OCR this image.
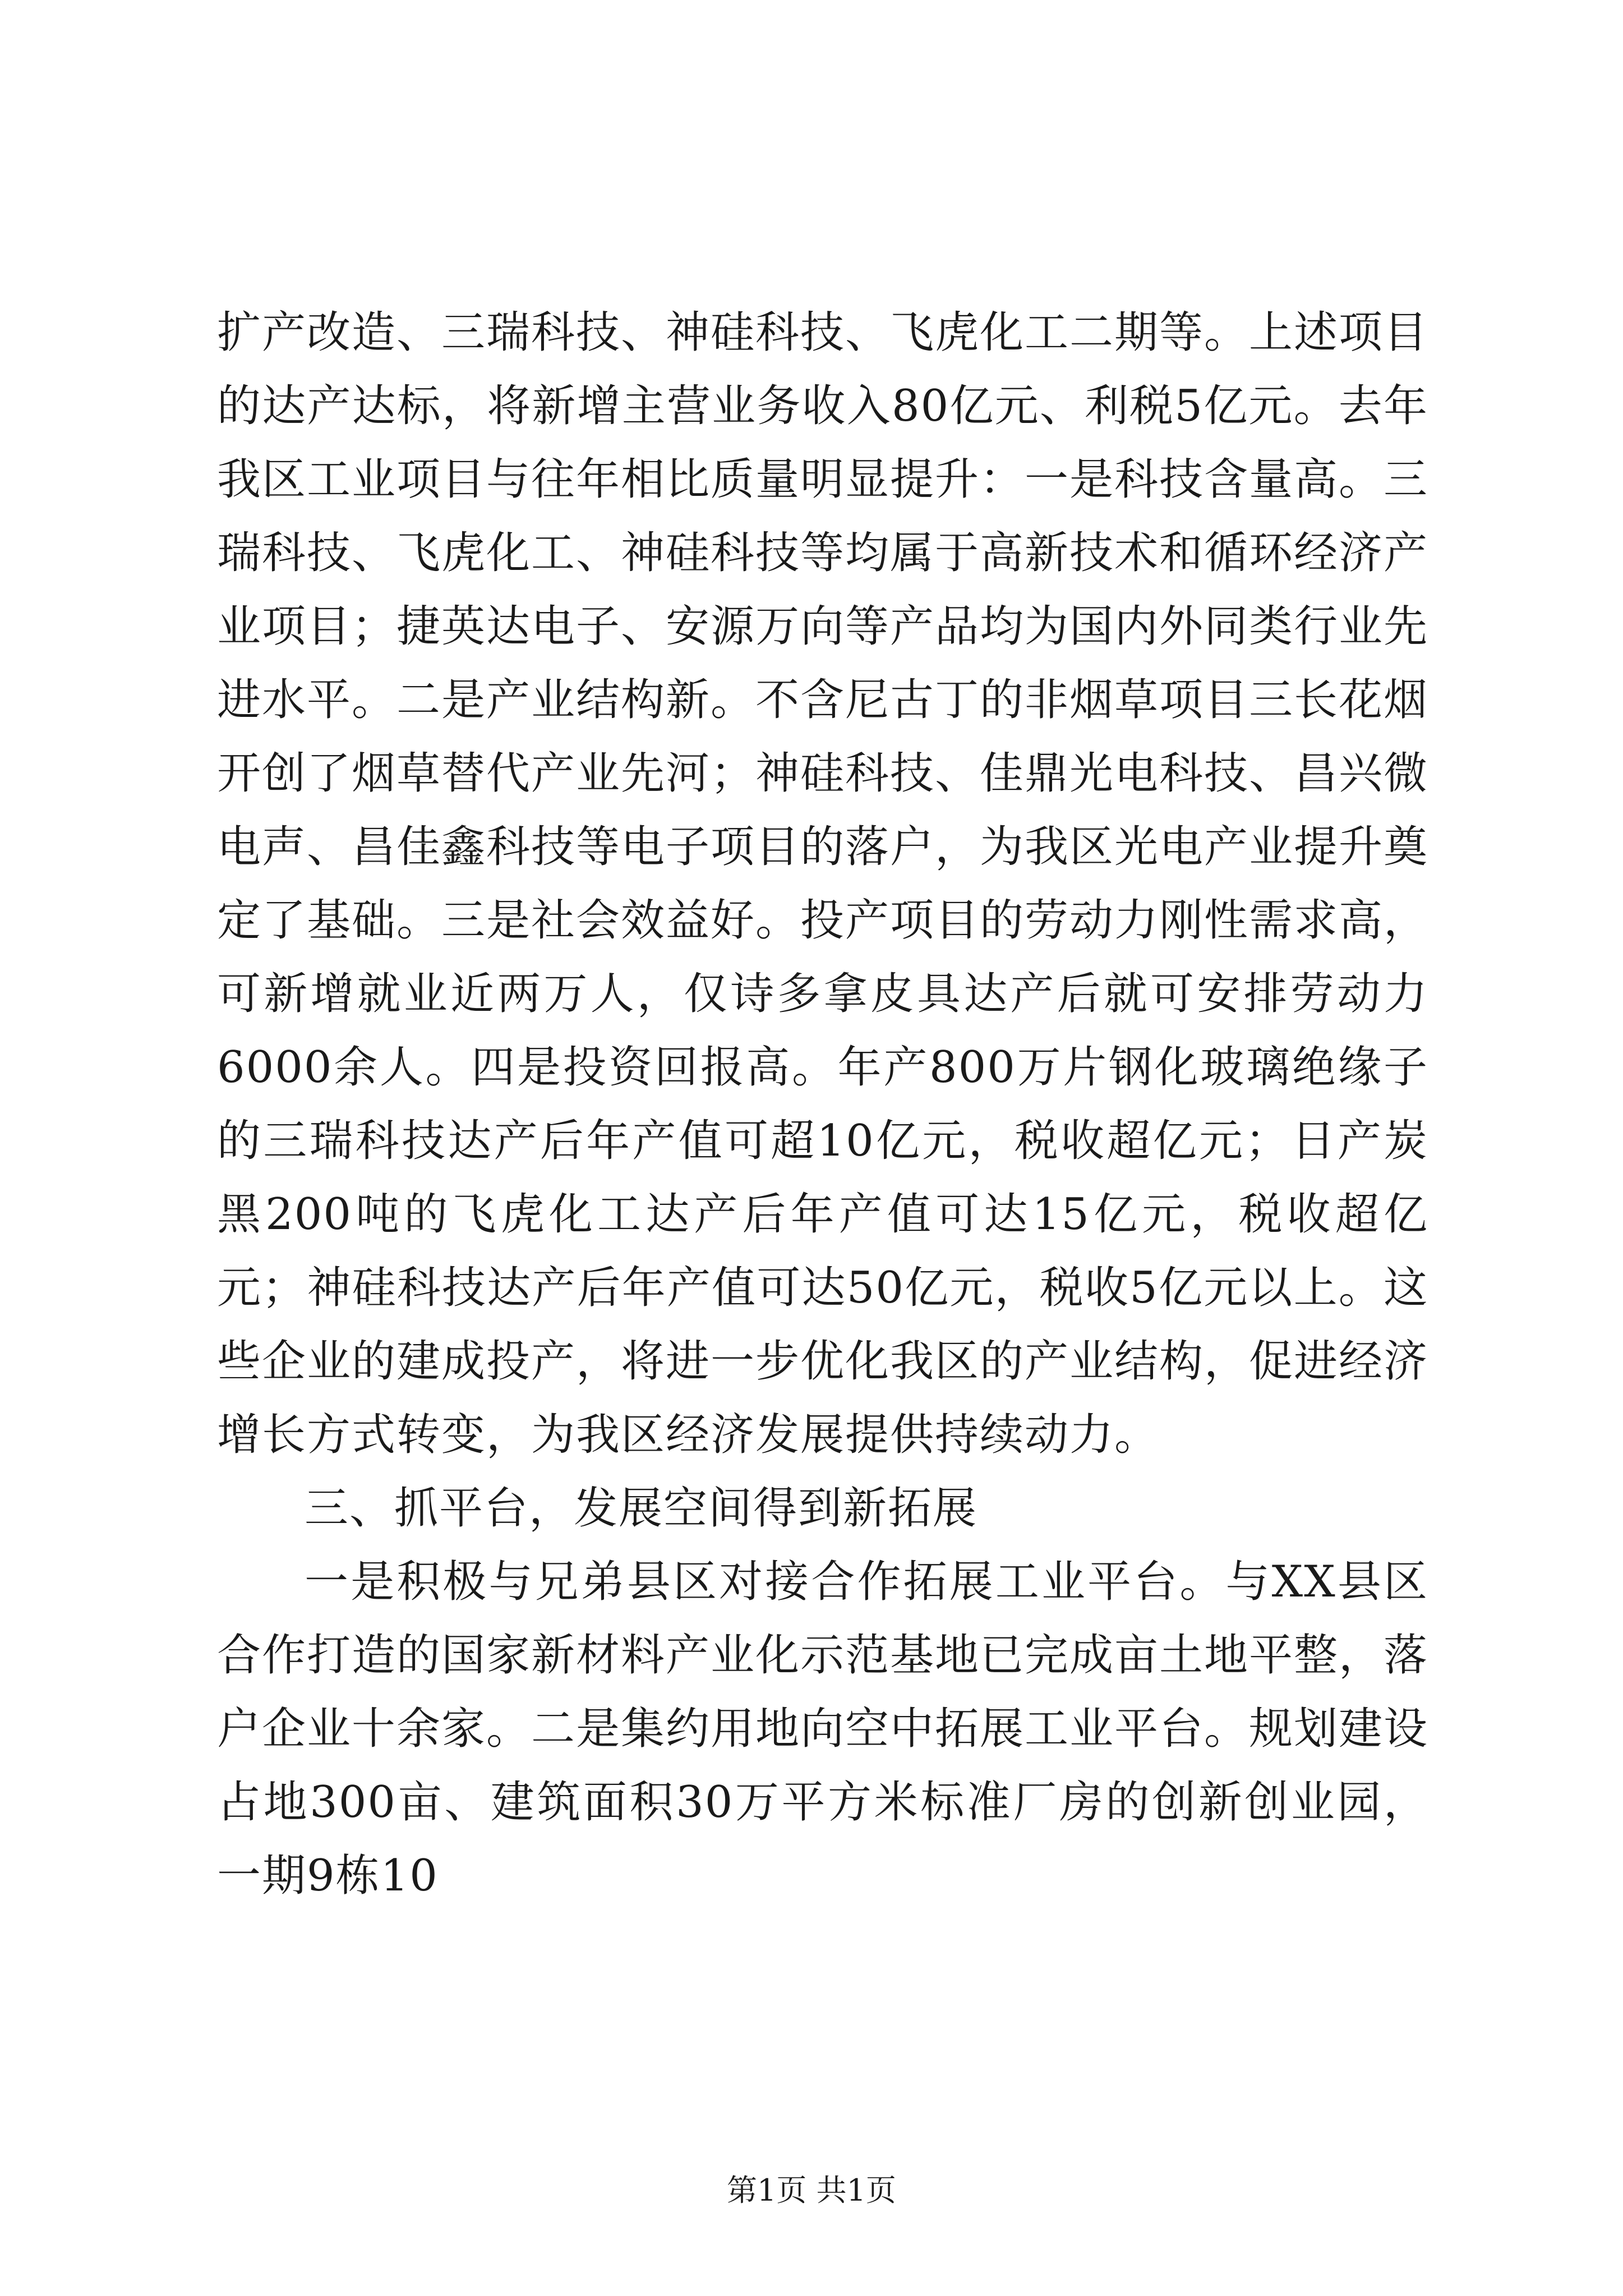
扩产改造、三瑞科技、神硅科技、飞虎化工二期等。上述项目的达产达标，将新增主营业务收入80亿元、利税5亿元。去年我区工业项目与往年相比质量明显提升：一是科技含量高。三瑞科技、飞虎化工、神硅科技等均属于高新技术和循环经济产业项目；捷英达电子、安源万向等产品均为国内外同类行业先进水平。二是产业结构新。不含尼古丁的非烟草项目三长花烟开创了烟草替代产业先河；神硅科技、佳鼎光电科技、昌兴微电声、昌佳鑫科技等电子项目的落户，为我区光电产业提升奠定了基础。三是社会效益好。投产项目的劳动力刚性需求高，可新增就业近两万人，仅诗多拿皮具达产后就可安排劳动力6000余人。四是投资回报高。年产800万片钢化玻璃绝缘子的三瑞科技达产后年产值可超10亿元，税收超亿元；日产炭黑200吨的飞虎化工达产后年产值可达15亿元，税收超亿元；神硅科技达产后年产值可达50亿元，税收5亿元以上。这些企业的建成投产，将进一步优化我区的产业结构，促进经济增长方式转变，为我区经济发展提供持续动力。

三、抓平台，发展空间得到新拓展

一是积极与兄弟县区对接合作拓展工业平台。与XX县区合作打造的国家新材料产业化示范基地已完成亩土地平整，落户企业十余家。二是集约用地向空中拓展工业平台。规划建设占地300亩、建筑面积30万平方米标准厂房的创新创业园，一期9栋10

第1页 共1页
